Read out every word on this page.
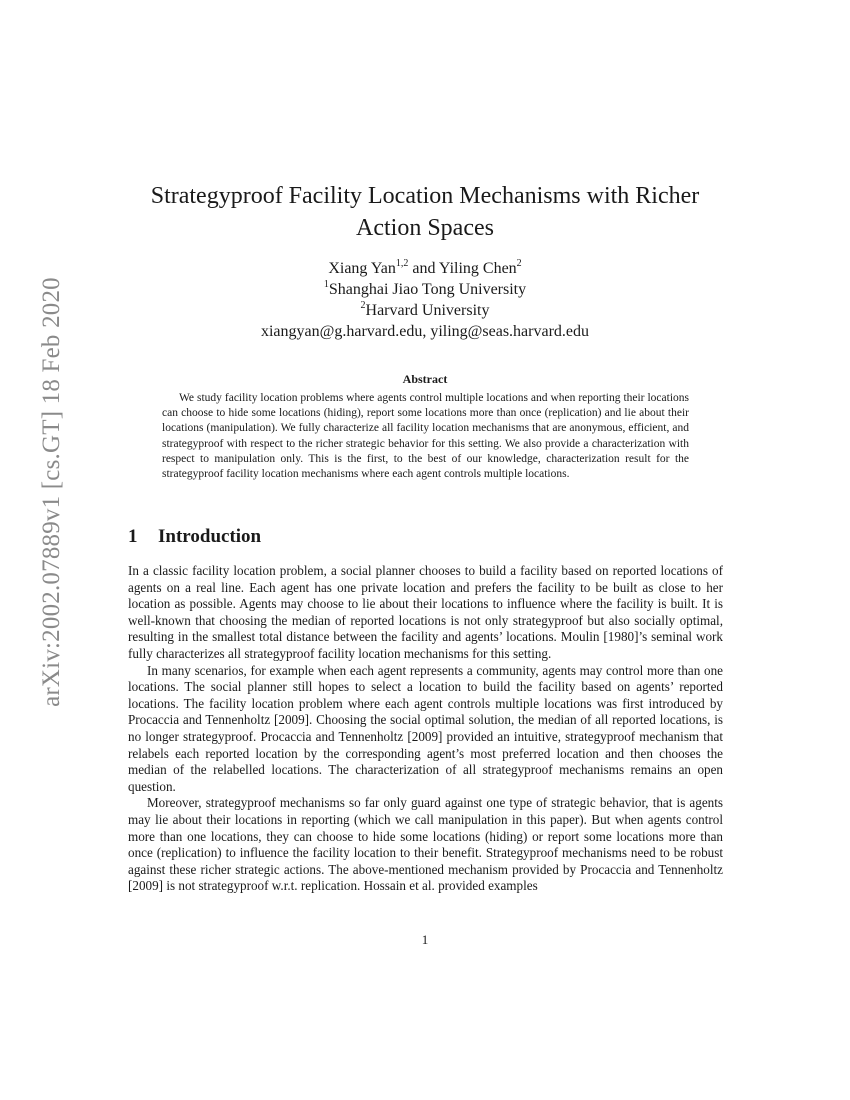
arXiv:2002.07889v1 [cs.GT] 18 Feb 2020
Strategyproof Facility Location Mechanisms with Richer Action Spaces
Xiang Yan$^{1,2}$ and Yiling Chen$^2$
$^1$Shanghai Jiao Tong University
$^2$Harvard University
xiangyan@g.harvard.edu, yiling@seas.harvard.edu
Abstract

We study facility location problems where agents control multiple locations and when reporting their locations can choose to hide some locations (hiding), report some locations more than once (replication) and lie about their locations (manipulation). We fully characterize all facility location mechanisms that are anonymous, efficient, and strategyproof with respect to the richer strategic behavior for this setting. We also provide a characterization with respect to manipulation only. This is the first, to the best of our knowledge, characterization result for the strategyproof facility location mechanisms where each agent controls multiple locations.

1 Introduction

In a classic facility location problem, a social planner chooses to build a facility based on reported locations of agents on a real line. Each agent has one private location and prefers the facility to be built as close to her location as possible. Agents may choose to lie about their locations to influence where the facility is built. It is well-known that choosing the median of reported locations is not only strategyproof but also socially optimal, resulting in the smallest total distance between the facility and agents’ locations. Moulin [1980]’s seminal work fully characterizes all strategyproof facility location mechanisms for this setting.

In many scenarios, for example when each agent represents a community, agents may control more than one locations. The social planner still hopes to select a location to build the facility based on agents’ reported locations. The facility location problem where each agent controls multiple locations was first introduced by Procaccia and Tennenholtz [2009]. Choosing the social optimal solution, the median of all reported locations, is no longer strategyproof. Procaccia and Tennenholtz [2009] provided an intuitive, strategyproof mechanism that relabels each reported location by the corresponding agent’s most preferred location and then chooses the median of the relabelled locations. The characterization of all strategyproof mechanisms remains an open question.

Moreover, strategyproof mechanisms so far only guard against one type of strategic behavior, that is agents may lie about their locations in reporting (which we call manipulation in this paper). But when agents control more than one locations, they can choose to hide some locations (hiding) or report some locations more than once (replication) to influence the facility location to their benefit. Strategyproof mechanisms need to be robust against these richer strategic actions. The above-mentioned mechanism provided by Procaccia and Tennenholtz [2009] is not strategyproof w.r.t. replication. Hossain et al. provided examples

1
